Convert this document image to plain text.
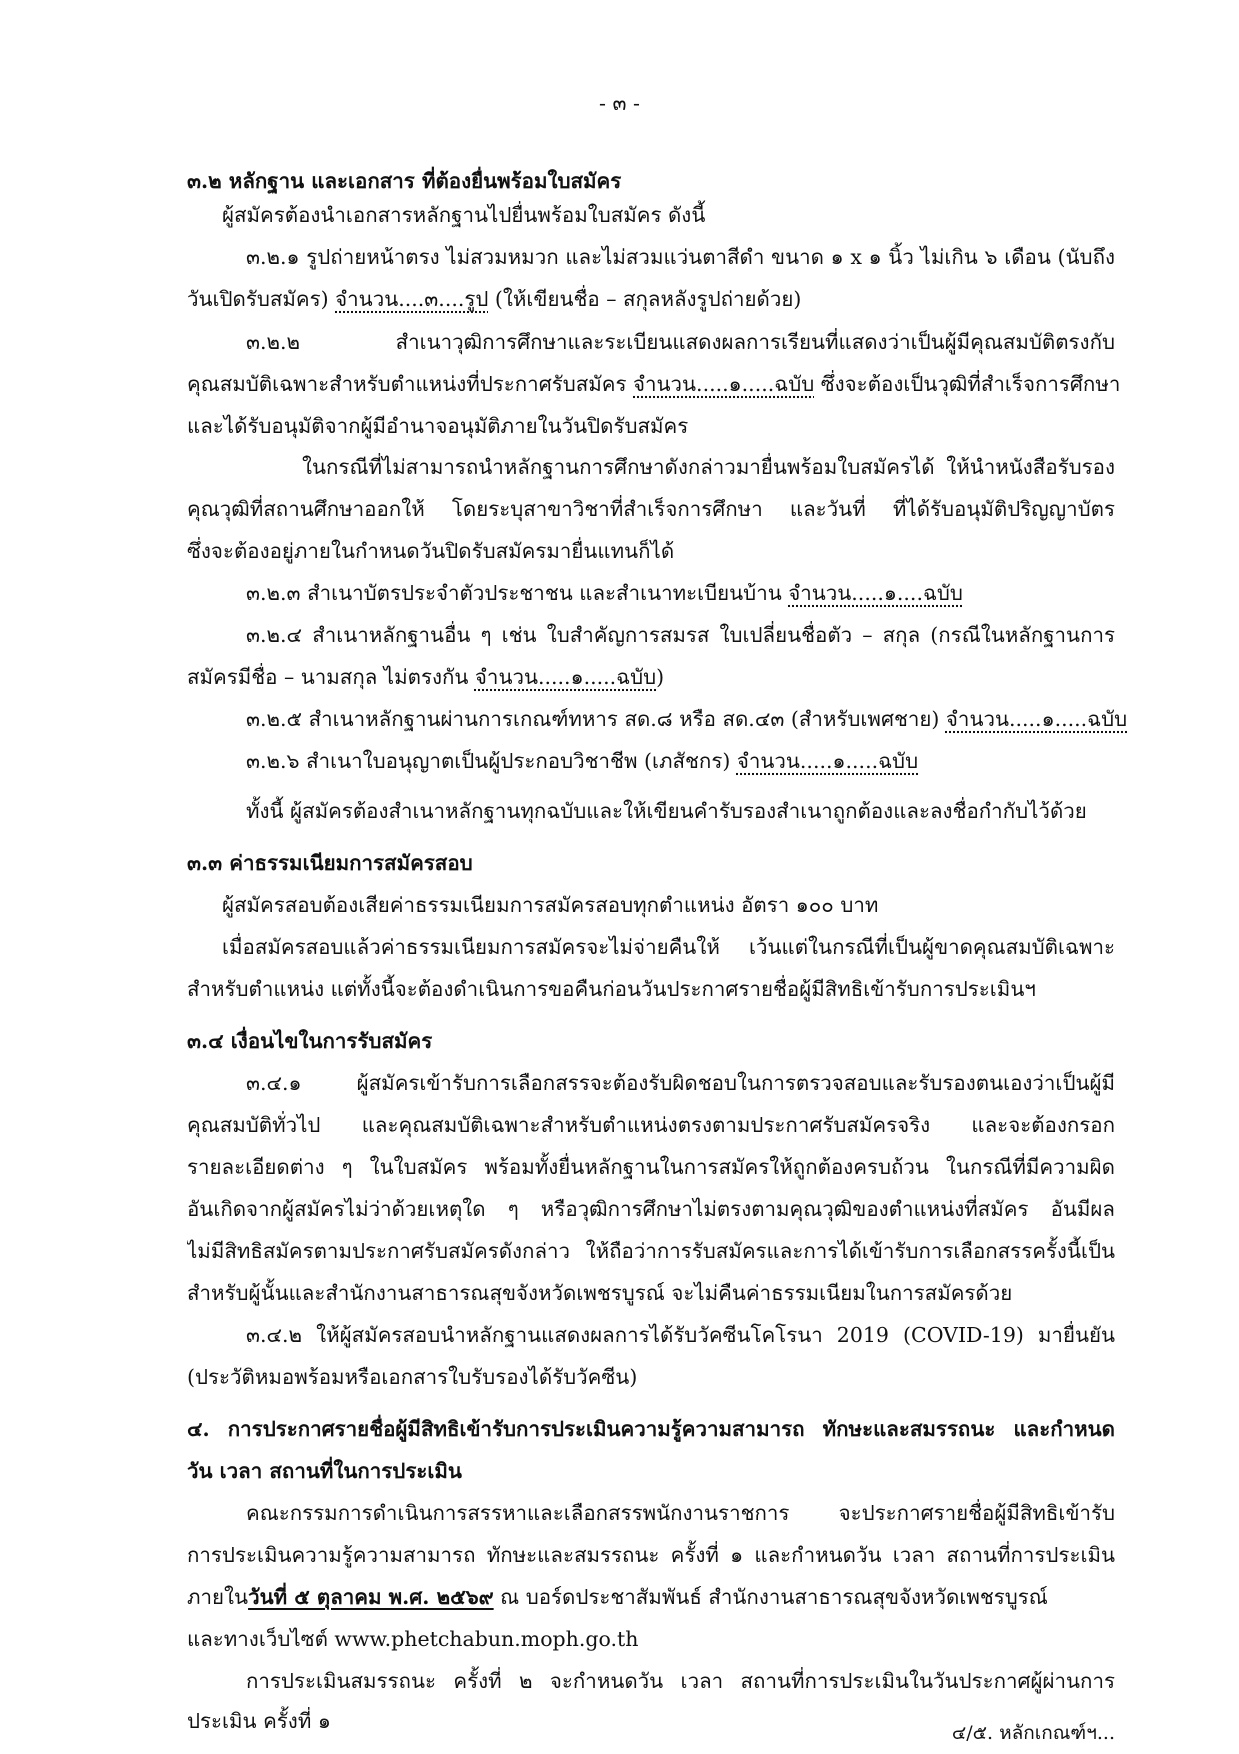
- ๓ -

๓.๒ หลักฐาน และเอกสาร ที่ต้องยื่นพร้อมใบสมัคร

ผู้สมัครต้องนำเอกสารหลักฐานไปยื่นพร้อมใบสมัคร ดังนี้

๓.๒.๑ รูปถ่ายหน้าตรง ไม่สวมหมวก และไม่สวมแว่นตาสีดำ ขนาด ๑ x ๑ นิ้ว ไม่เกิน ๖ เดือน (นับถึง

วันเปิดรับสมัคร) จำนวน....๓....รูป (ให้เขียนชื่อ – สกุลหลังรูปถ่ายด้วย)

๓.๒.๒ สำเนาวุฒิการศึกษาและระเบียนแสดงผลการเรียนที่แสดงว่าเป็นผู้มีคุณสมบัติตรงกับ

คุณสมบัติเฉพาะสำหรับตำแหน่งที่ประกาศรับสมัคร จำนวน.....๑.....ฉบับ ซึ่งจะต้องเป็นวุฒิที่สำเร็จการศึกษา

และได้รับอนุมัติจากผู้มีอำนาจอนุมัติภายในวันปิดรับสมัคร

ในกรณีที่ไม่สามารถนำหลักฐานการศึกษาดังกล่าวมายื่นพร้อมใบสมัครได้ ให้นำหนังสือรับรอง

คุณวุฒิที่สถานศึกษาออกให้ โดยระบุสาขาวิชาที่สำเร็จการศึกษา และวันที่ ที่ได้รับอนุมัติปริญญาบัตร

ซึ่งจะต้องอยู่ภายในกำหนดวันปิดรับสมัครมายื่นแทนก็ได้

๓.๒.๓ สำเนาบัตรประจำตัวประชาชน และสำเนาทะเบียนบ้าน จำนวน.....๑....ฉบับ

๓.๒.๔ สำเนาหลักฐานอื่น ๆ เช่น ใบสำคัญการสมรส ใบเปลี่ยนชื่อตัว – สกุล (กรณีในหลักฐานการ

สมัครมีชื่อ – นามสกุล ไม่ตรงกัน จำนวน.....๑.....ฉบับ)

๓.๒.๕ สำเนาหลักฐานผ่านการเกณฑ์ทหาร สด.๘ หรือ สด.๔๓ (สำหรับเพศชาย) จำนวน.....๑.....ฉบับ

๓.๒.๖ สำเนาใบอนุญาตเป็นผู้ประกอบวิชาชีพ (เภสัชกร) จำนวน.....๑.....ฉบับ

ทั้งนี้ ผู้สมัครต้องสำเนาหลักฐานทุกฉบับและให้เขียนคำรับรองสำเนาถูกต้องและลงชื่อกำกับไว้ด้วย

๓.๓ ค่าธรรมเนียมการสมัครสอบ

ผู้สมัครสอบต้องเสียค่าธรรมเนียมการสมัครสอบทุกตำแหน่ง อัตรา ๑๐๐ บาท

เมื่อสมัครสอบแล้วค่าธรรมเนียมการสมัครจะไม่จ่ายคืนให้ เว้นแต่ในกรณีที่เป็นผู้ขาดคุณสมบัติเฉพาะ

สำหรับตำแหน่ง แต่ทั้งนี้จะต้องดำเนินการขอคืนก่อนวันประกาศรายชื่อผู้มีสิทธิเข้ารับการประเมินฯ

๓.๔ เงื่อนไขในการรับสมัคร

๓.๔.๑ ผู้สมัครเข้ารับการเลือกสรรจะต้องรับผิดชอบในการตรวจสอบและรับรองตนเองว่าเป็นผู้มี

คุณสมบัติทั่วไป และคุณสมบัติเฉพาะสำหรับตำแหน่งตรงตามประกาศรับสมัครจริง และจะต้องกรอก

รายละเอียดต่าง ๆ ในใบสมัคร พร้อมทั้งยื่นหลักฐานในการสมัครให้ถูกต้องครบถ้วน ในกรณีที่มีความผิด

อันเกิดจากผู้สมัครไม่ว่าด้วยเหตุใด ๆ หรือวุฒิการศึกษาไม่ตรงตามคุณวุฒิของตำแหน่งที่สมัคร อันมีผล

ไม่มีสิทธิสมัครตามประกาศรับสมัครดังกล่าว ให้ถือว่าการรับสมัครและการได้เข้ารับการเลือกสรรครั้งนี้เป็น

สำหรับผู้นั้นและสำนักงานสาธารณสุขจังหวัดเพชรบูรณ์ จะไม่คืนค่าธรรมเนียมในการสมัครด้วย

๓.๔.๒ ให้ผู้สมัครสอบนำหลักฐานแสดงผลการได้รับวัคซีนโคโรนา 2019 (COVID-19) มายื่นยัน

(ประวัติหมอพร้อมหรือเอกสารใบรับรองได้รับวัคซีน)

๔. การประกาศรายชื่อผู้มีสิทธิเข้ารับการประเมินความรู้ความสามารถ ทักษะและสมรรถนะ และกำหนด

วัน เวลา สถานที่ในการประเมิน

คณะกรรมการดำเนินการสรรหาและเลือกสรรพนักงานราชการ จะประกาศรายชื่อผู้มีสิทธิเข้ารับ

การประเมินความรู้ความสามารถ ทักษะและสมรรถนะ ครั้งที่ ๑ และกำหนดวัน เวลา สถานที่การประเมิน

ภายในวันที่ ๕ ตุลาคม พ.ศ. ๒๕๖๙ ณ บอร์ดประชาสัมพันธ์ สำนักงานสาธารณสุขจังหวัดเพชรบูรณ์

และทางเว็บไซต์ www.phetchabun.moph.go.th

การประเมินสมรรถนะ ครั้งที่ ๒ จะกำหนดวัน เวลา สถานที่การประเมินในวันประกาศผู้ผ่านการ

ประเมิน ครั้งที่ ๑	๔/๕. หลักเกณฑ์ฯ...
